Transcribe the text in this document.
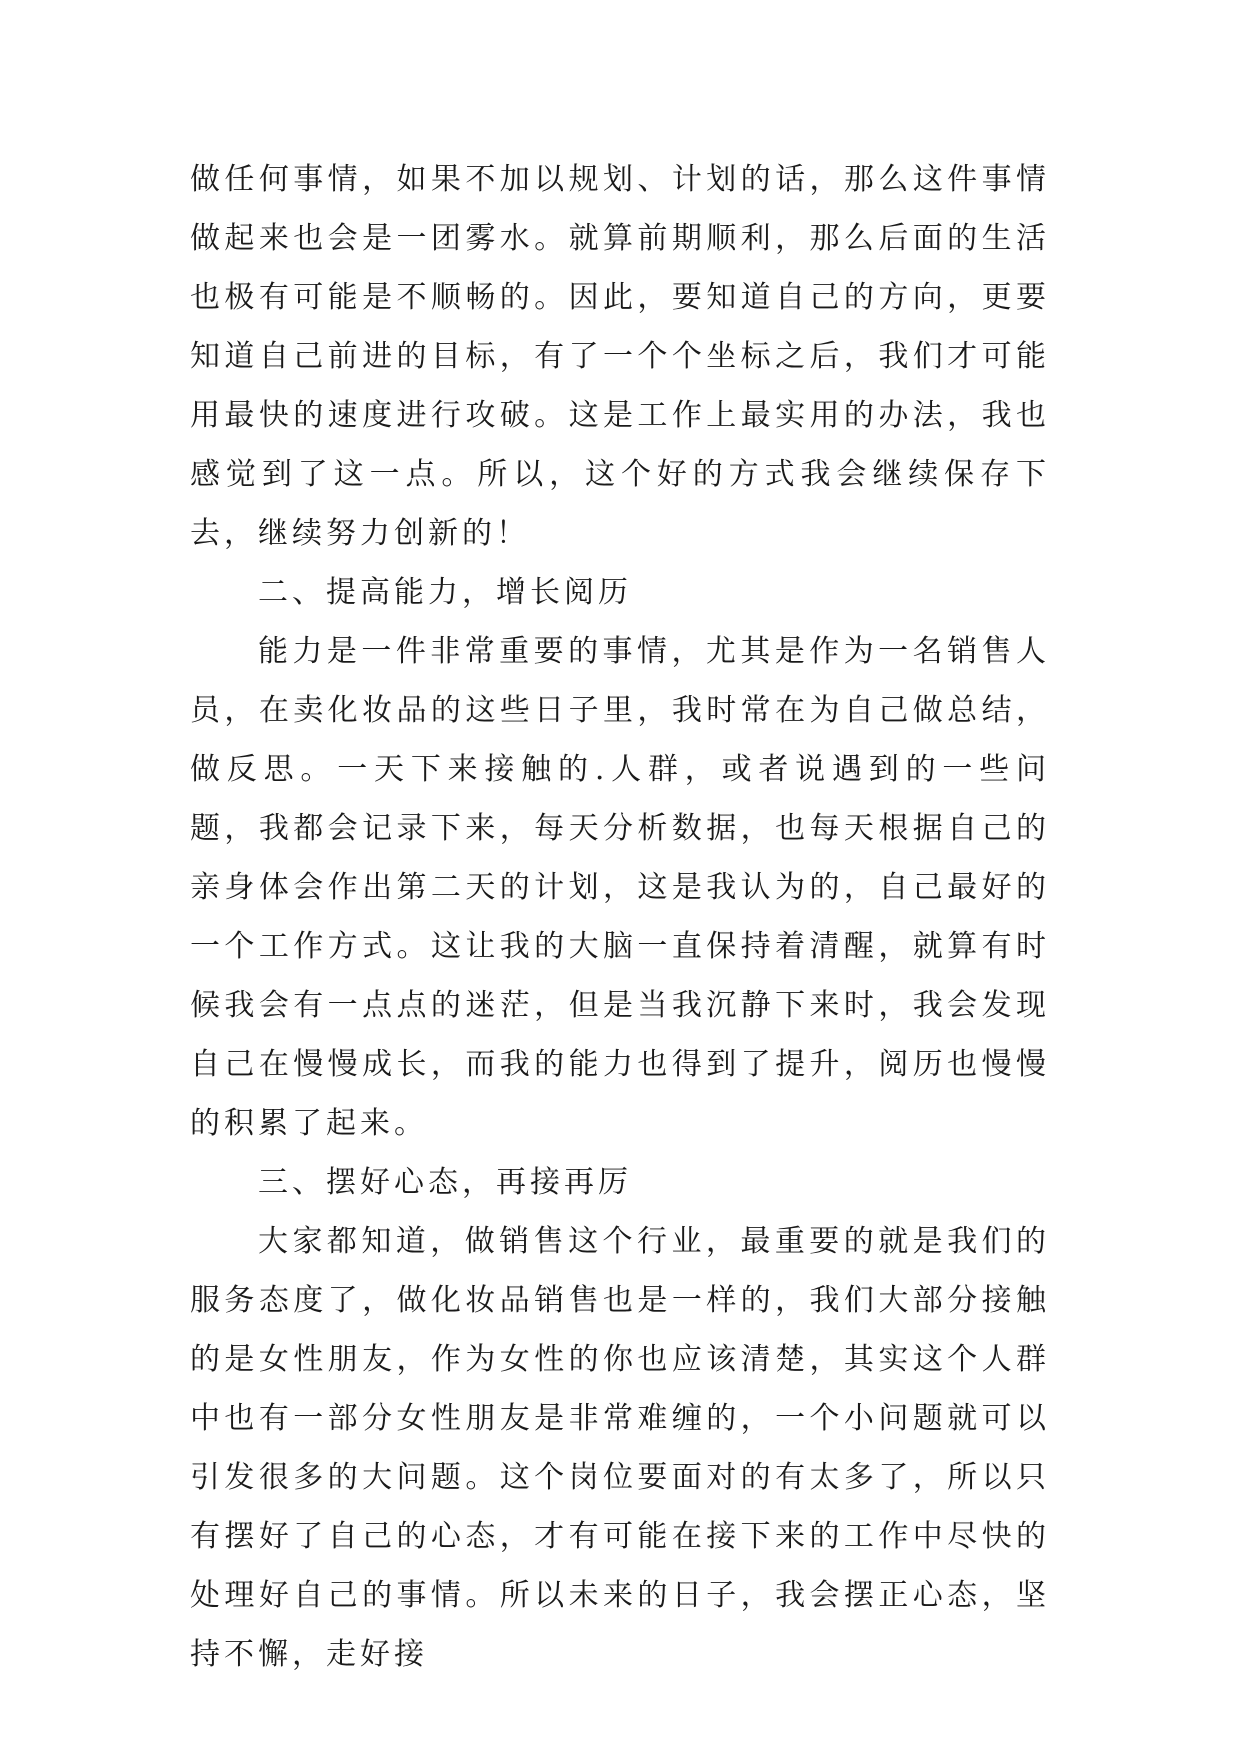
做任何事情，如果不加以规划、计划的话，那么这件事情做起来也会是一团雾水。就算前期顺利，那么后面的生活也极有可能是不顺畅的。因此，要知道自己的方向，更要知道自己前进的目标，有了一个个坐标之后，我们才可能用最快的速度进行攻破。这是工作上最实用的办法，我也感觉到了这一点。所以，这个好的方式我会继续保存下去，继续努力创新的！

二、提高能力，增长阅历

能力是一件非常重要的事情，尤其是作为一名销售人员，在卖化妆品的这些日子里，我时常在为自己做总结，做反思。一天下来接触的.人群，或者说遇到的一些问题，我都会记录下来，每天分析数据，也每天根据自己的亲身体会作出第二天的计划，这是我认为的，自己最好的一个工作方式。这让我的大脑一直保持着清醒，就算有时候我会有一点点的迷茫，但是当我沉静下来时，我会发现自己在慢慢成长，而我的能力也得到了提升，阅历也慢慢的积累了起来。

三、摆好心态，再接再厉

大家都知道，做销售这个行业，最重要的就是我们的服务态度了，做化妆品销售也是一样的，我们大部分接触的是女性朋友，作为女性的你也应该清楚，其实这个人群中也有一部分女性朋友是非常难缠的，一个小问题就可以引发很多的大问题。这个岗位要面对的有太多了，所以只有摆好了自己的心态，才有可能在接下来的工作中尽快的处理好自己的事情。所以未来的日子，我会摆正心态，坚持不懈，走好接
